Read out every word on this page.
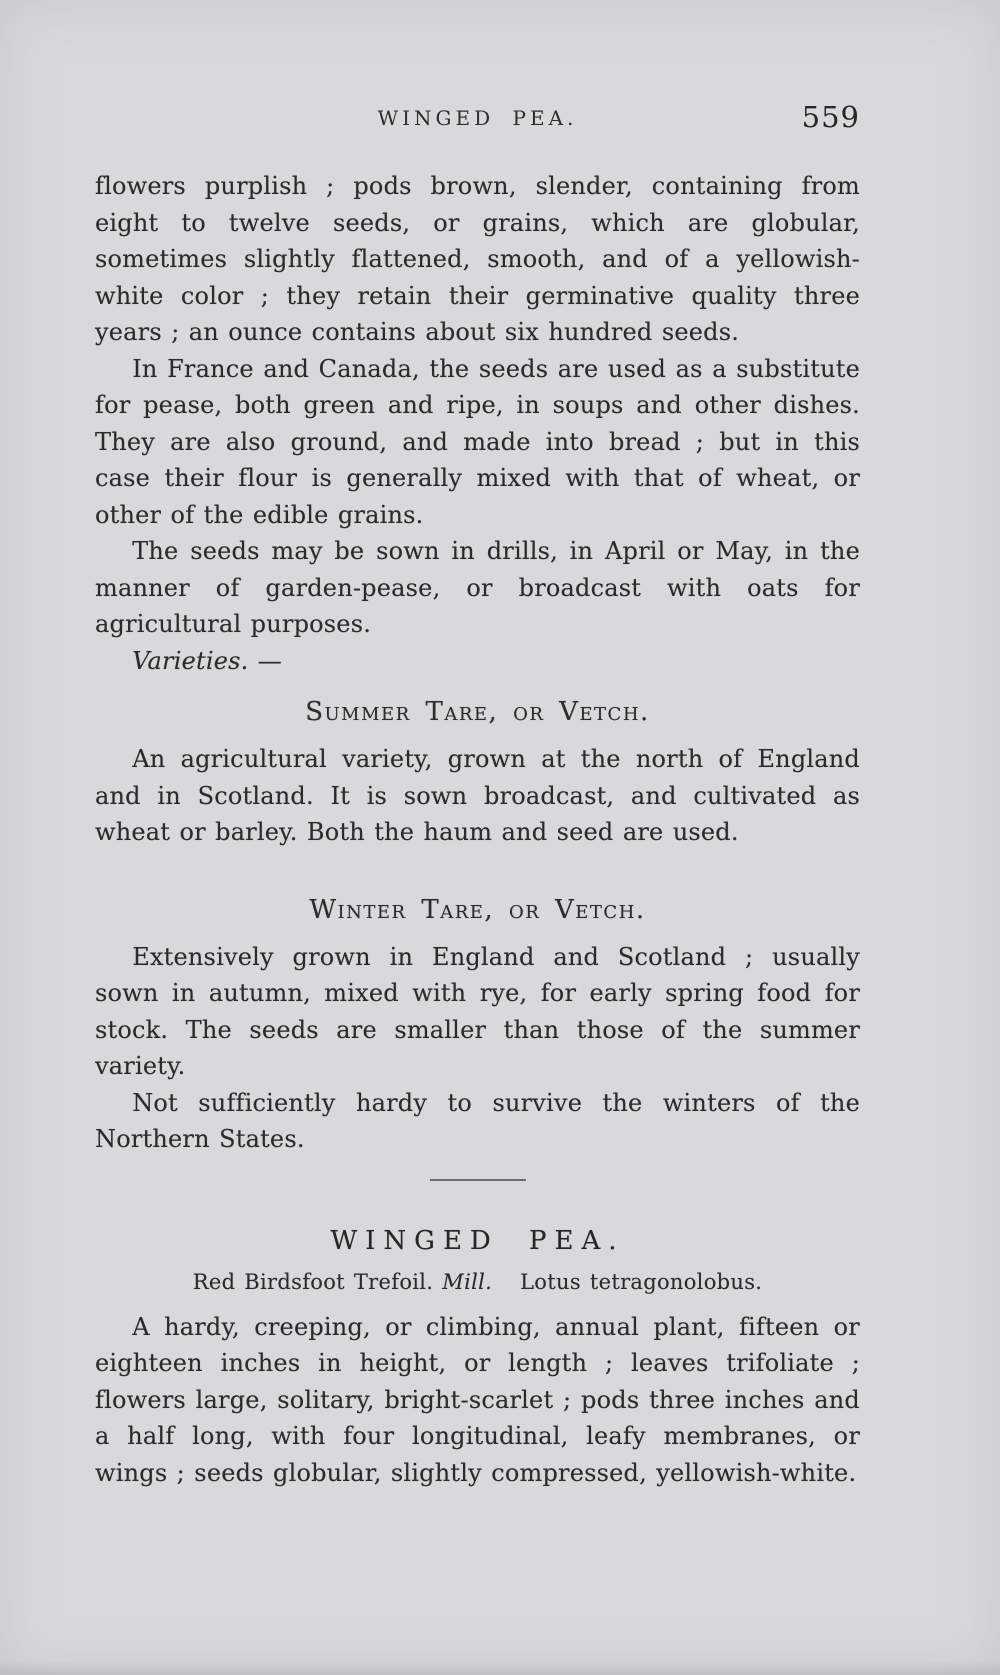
WINGED PEA.	559

flowers purplish ; pods brown, slender, containing from eight to twelve seeds, or grains, which are globular, sometimes slightly flattened, smooth, and of a yellowish-white color ; they retain their germinative quality three years ; an ounce contains about six hundred seeds.

In France and Canada, the seeds are used as a substitute for pease, both green and ripe, in soups and other dishes. They are also ground, and made into bread ; but in this case their flour is generally mixed with that of wheat, or other of the edible grains.

The seeds may be sown in drills, in April or May, in the manner of garden-pease, or broadcast with oats for agricultural purposes.

Varieties. —

Summer Tare, or Vetch.

An agricultural variety, grown at the north of England and in Scotland. It is sown broadcast, and cultivated as wheat or barley. Both the haum and seed are used.

Winter Tare, or Vetch.

Extensively grown in England and Scotland ; usually sown in autumn, mixed with rye, for early spring food for stock. The seeds are smaller than those of the summer variety.

Not sufficiently hardy to survive the winters of the Northern States.

WINGED PEA.

Red Birdsfoot Trefoil. Mill. Lotus tetragonolobus.

A hardy, creeping, or climbing, annual plant, fifteen or eighteen inches in height, or length ; leaves trifoliate ; flowers large, solitary, bright-scarlet ; pods three inches and a half long, with four longitudinal, leafy membranes, or wings ; seeds globular, slightly compressed, yellowish-white.
